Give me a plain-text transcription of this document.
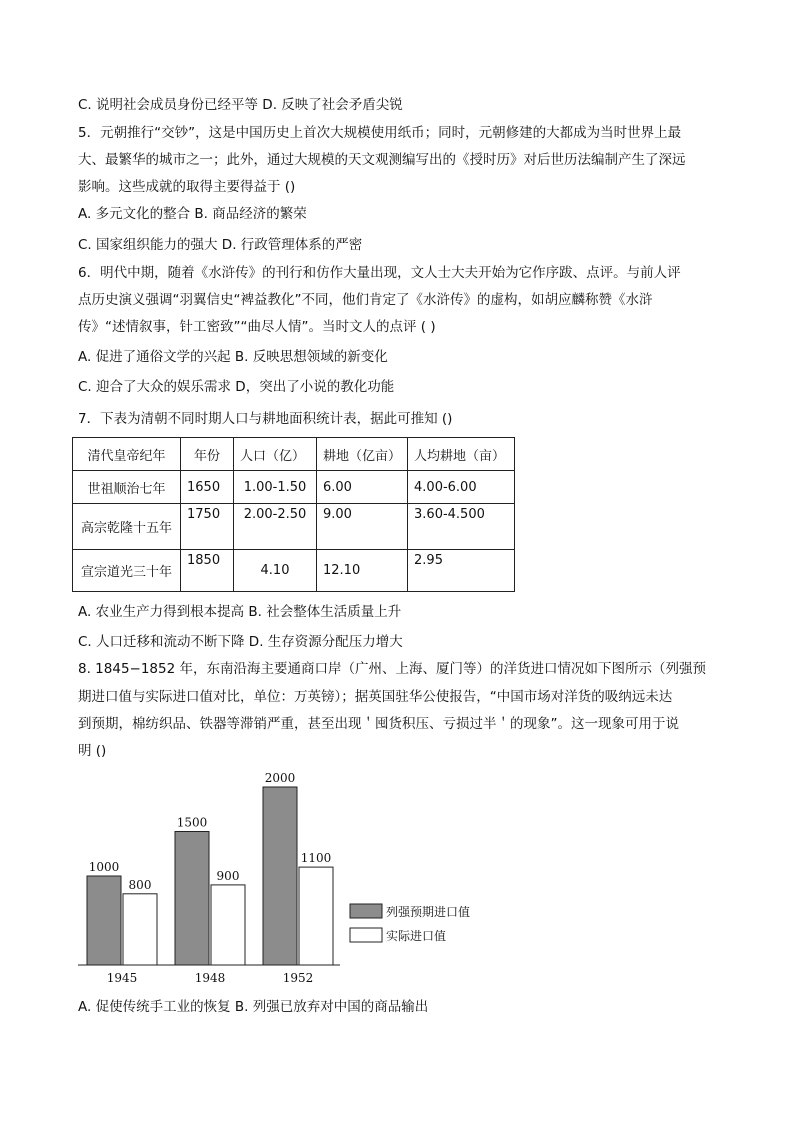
C. 说明社会成员身份已经平等 D. 反映了社会矛盾尖锐
5．元朝推行“交钞”，这是中国历史上首次大规模使用纸币；同时，元朝修建的大都成为当时世界上最
大、最繁华的城市之一；此外，通过大规模的天文观测编写出的《授时历》对后世历法编制产生了深远
影响。这些成就的取得主要得益于 ()
A. 多元文化的整合 B. 商品经济的繁荣
C. 国家组织能力的强大 D. 行政管理体系的严密
6．明代中期，随着《水浒传》的刊行和仿作大量出现，文人士大夫开始为它作序跋、点评。与前人评
点历史演义强调“羽翼信史“裨益教化”不同，他们肯定了《水浒传》的虚构，如胡应麟称赞《水浒
传》“述情叙事，针工密致”“曲尽人情”。当时文人的点评 ( )
A. 促进了通俗文学的兴起 B. 反映思想领域的新变化
C. 迎合了大众的娱乐需求 D，突出了小说的教化功能
7．下表为清朝不同时期人口与耕地面积统计表，据此可推知 ()
清代皇帝纪年	年份	人口（亿）	耕地（亿亩）	人均耕地（亩）
世祖顺治七年	1650	1.00-1.50	6.00	4.00-6.00
高宗乾隆十五年	1750	2.00-2.50	9.00	3.60-4.500
宣宗道光三十年	1850	4.10	12.10	2.95
A. 农业生产力得到根本提高 B. 社会整体生活质量上升
C. 人口迁移和流动不断下降 D. 生存资源分配压力增大
8. 1845−1852 年，东南沿海主要通商口岸（广州、上海、厦门等）的洋货进口情况如下图所示（列强预
期进口值与实际进口值对比，单位：万英镑）；据英国驻华公使报告，“中国市场对洋货的吸纳远未达
到预期，棉纺织品、铁器等滞销严重，甚至出现＇囤货积压、亏损过半＇的现象”。这一现象可用于说
明 ()
1000
800
1945
1500
900
1948
2000
1100
1952
列强预期进口值
实际进口值
A. 促使传统手工业的恢复 B. 列强已放弃对中国的商品输出
